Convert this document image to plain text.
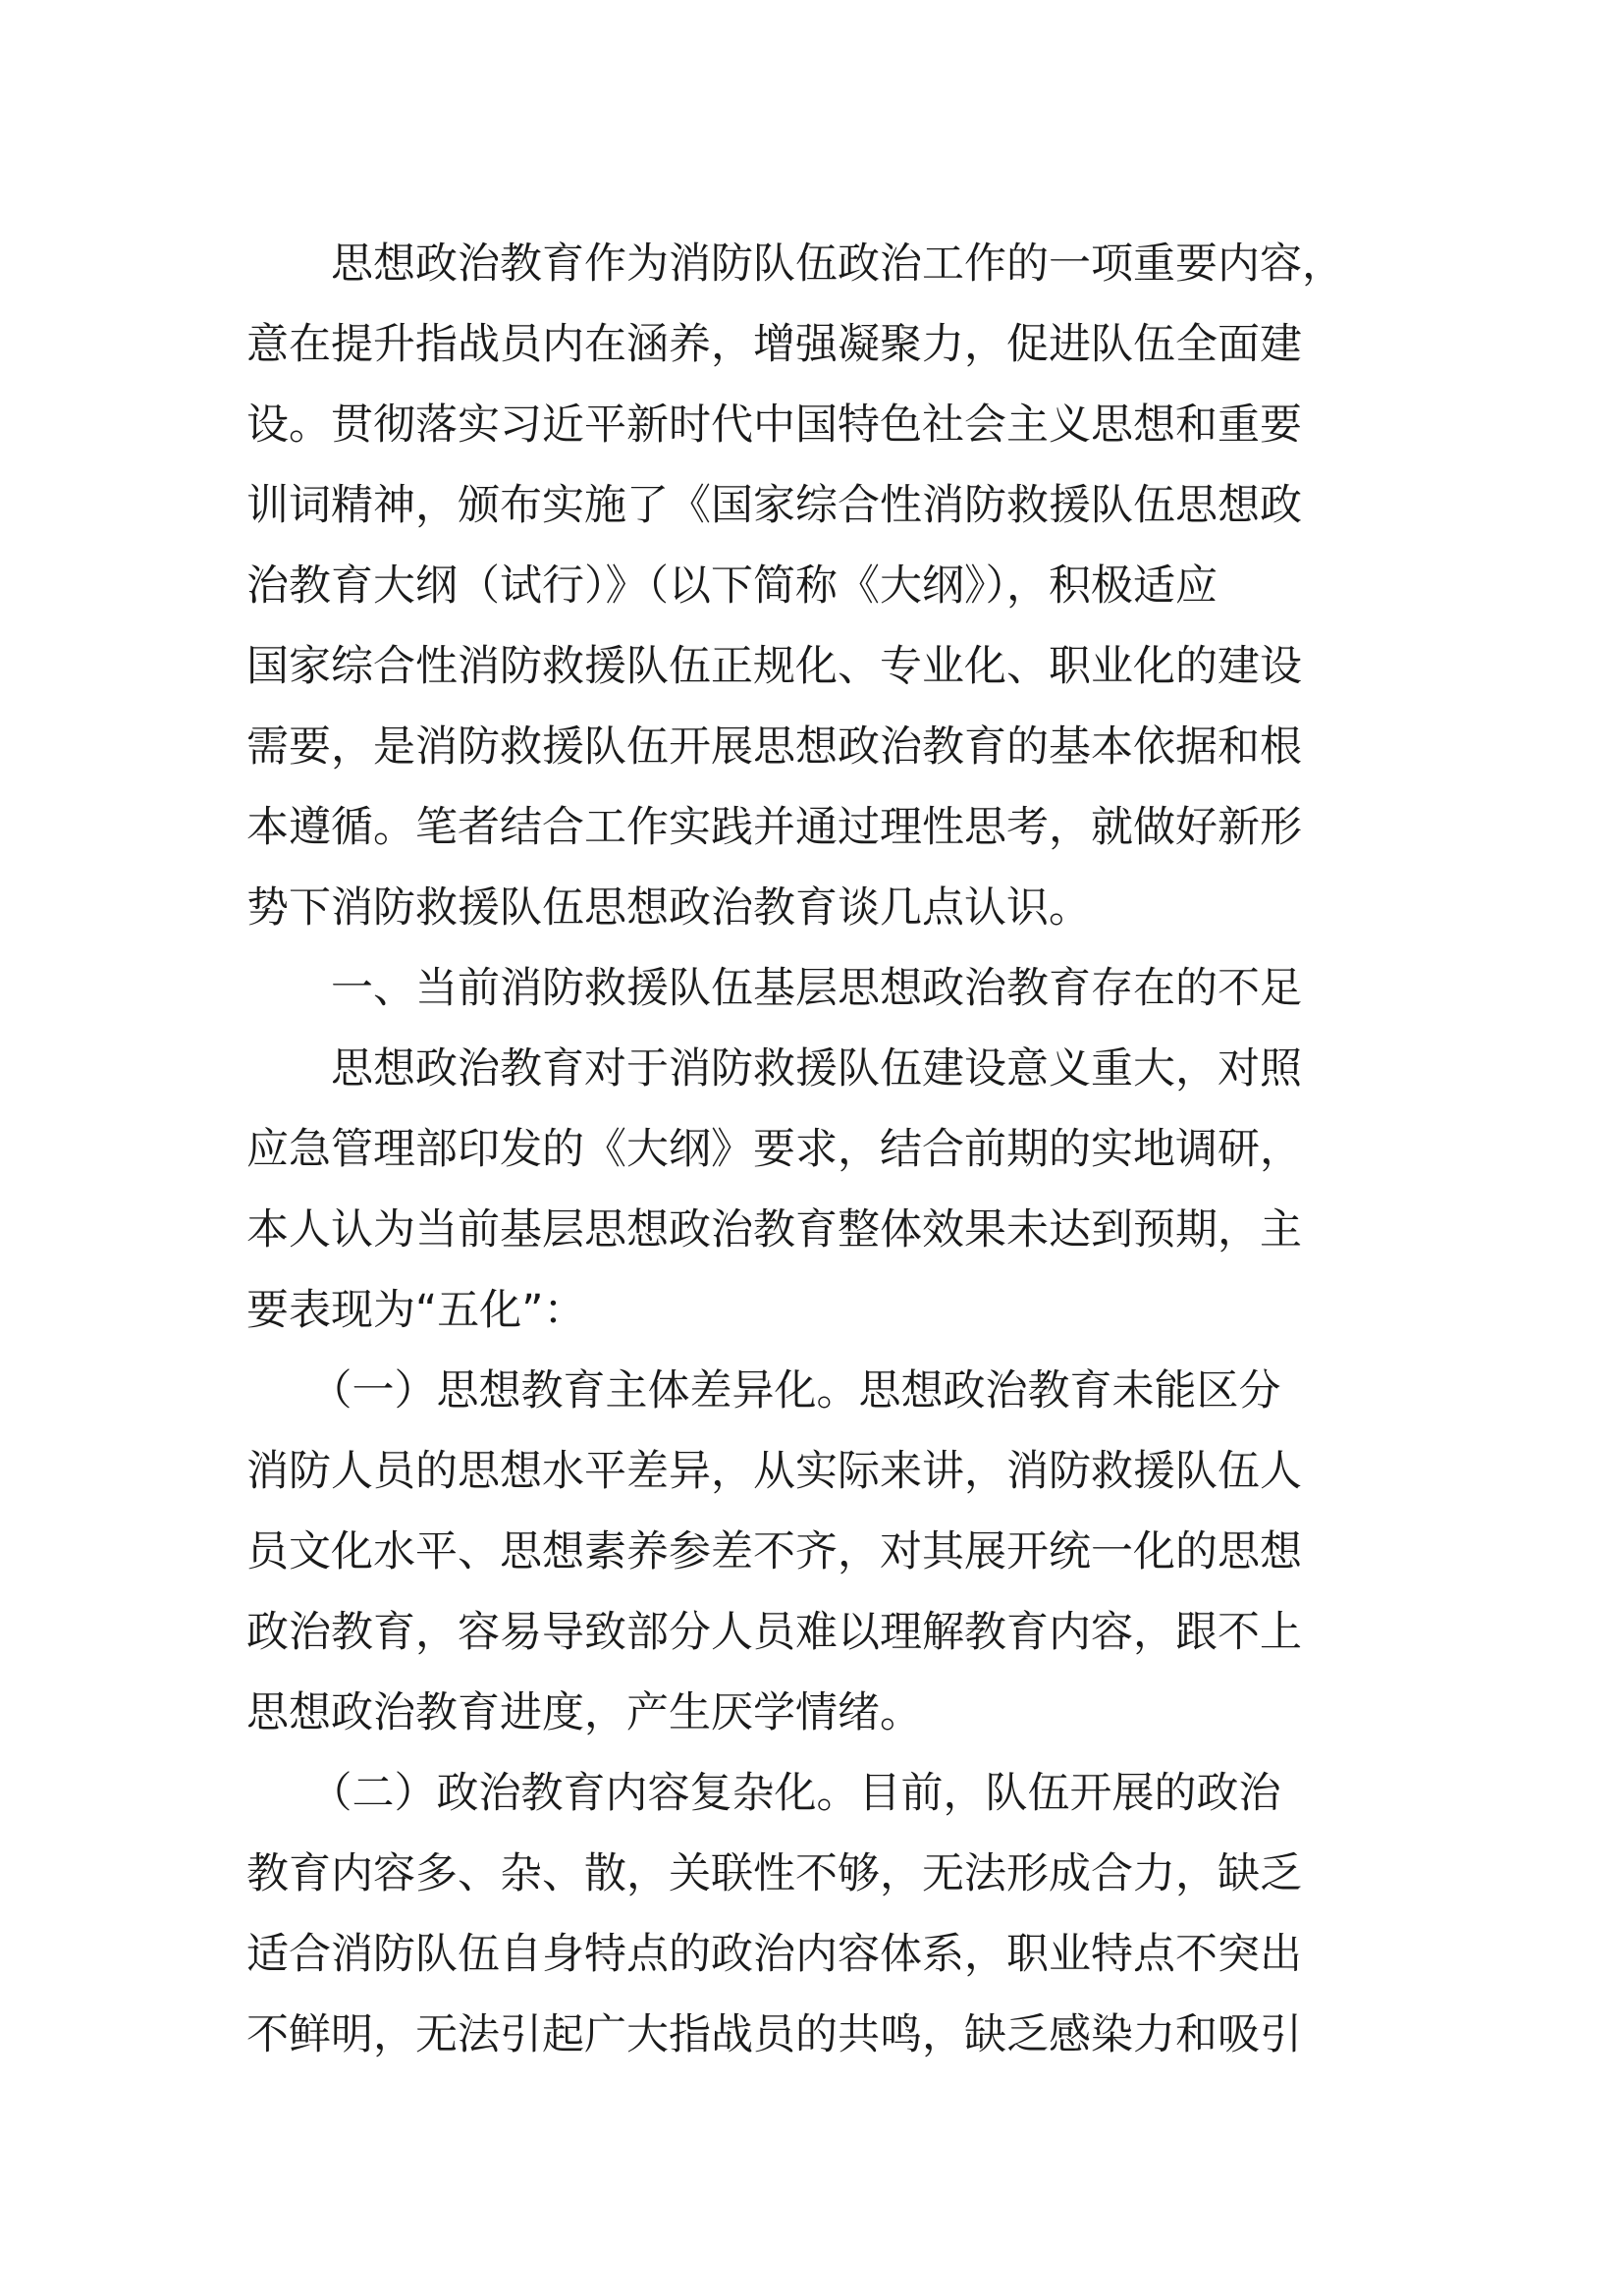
　　思想政治教育作为消防队伍政治工作的一项重要内容，
意在提升指战员内在涵养，增强凝聚力，促进队伍全面建
设。贯彻落实习近平新时代中国特色社会主义思想和重要
训词精神，颁布实施了《国家综合性消防救援队伍思想政
治教育大纲（试行）》（以下简称《大纲》），积极适应
国家综合性消防救援队伍正规化、专业化、职业化的建设
需要，是消防救援队伍开展思想政治教育的基本依据和根
本遵循。笔者结合工作实践并通过理性思考，就做好新形
势下消防救援队伍思想政治教育谈几点认识。
　　一、当前消防救援队伍基层思想政治教育存在的不足
　　思想政治教育对于消防救援队伍建设意义重大，对照
应急管理部印发的《大纲》要求，结合前期的实地调研，
本人认为当前基层思想政治教育整体效果未达到预期，主
要表现为“五化”：
　　（一）思想教育主体差异化。思想政治教育未能区分
消防人员的思想水平差异，从实际来讲，消防救援队伍人
员文化水平、思想素养参差不齐，对其展开统一化的思想
政治教育，容易导致部分人员难以理解教育内容，跟不上
思想政治教育进度，产生厌学情绪。
　　（二）政治教育内容复杂化。目前，队伍开展的政治
教育内容多、杂、散，关联性不够，无法形成合力，缺乏
适合消防队伍自身特点的政治内容体系，职业特点不突出
不鲜明，无法引起广大指战员的共鸣，缺乏感染力和吸引
